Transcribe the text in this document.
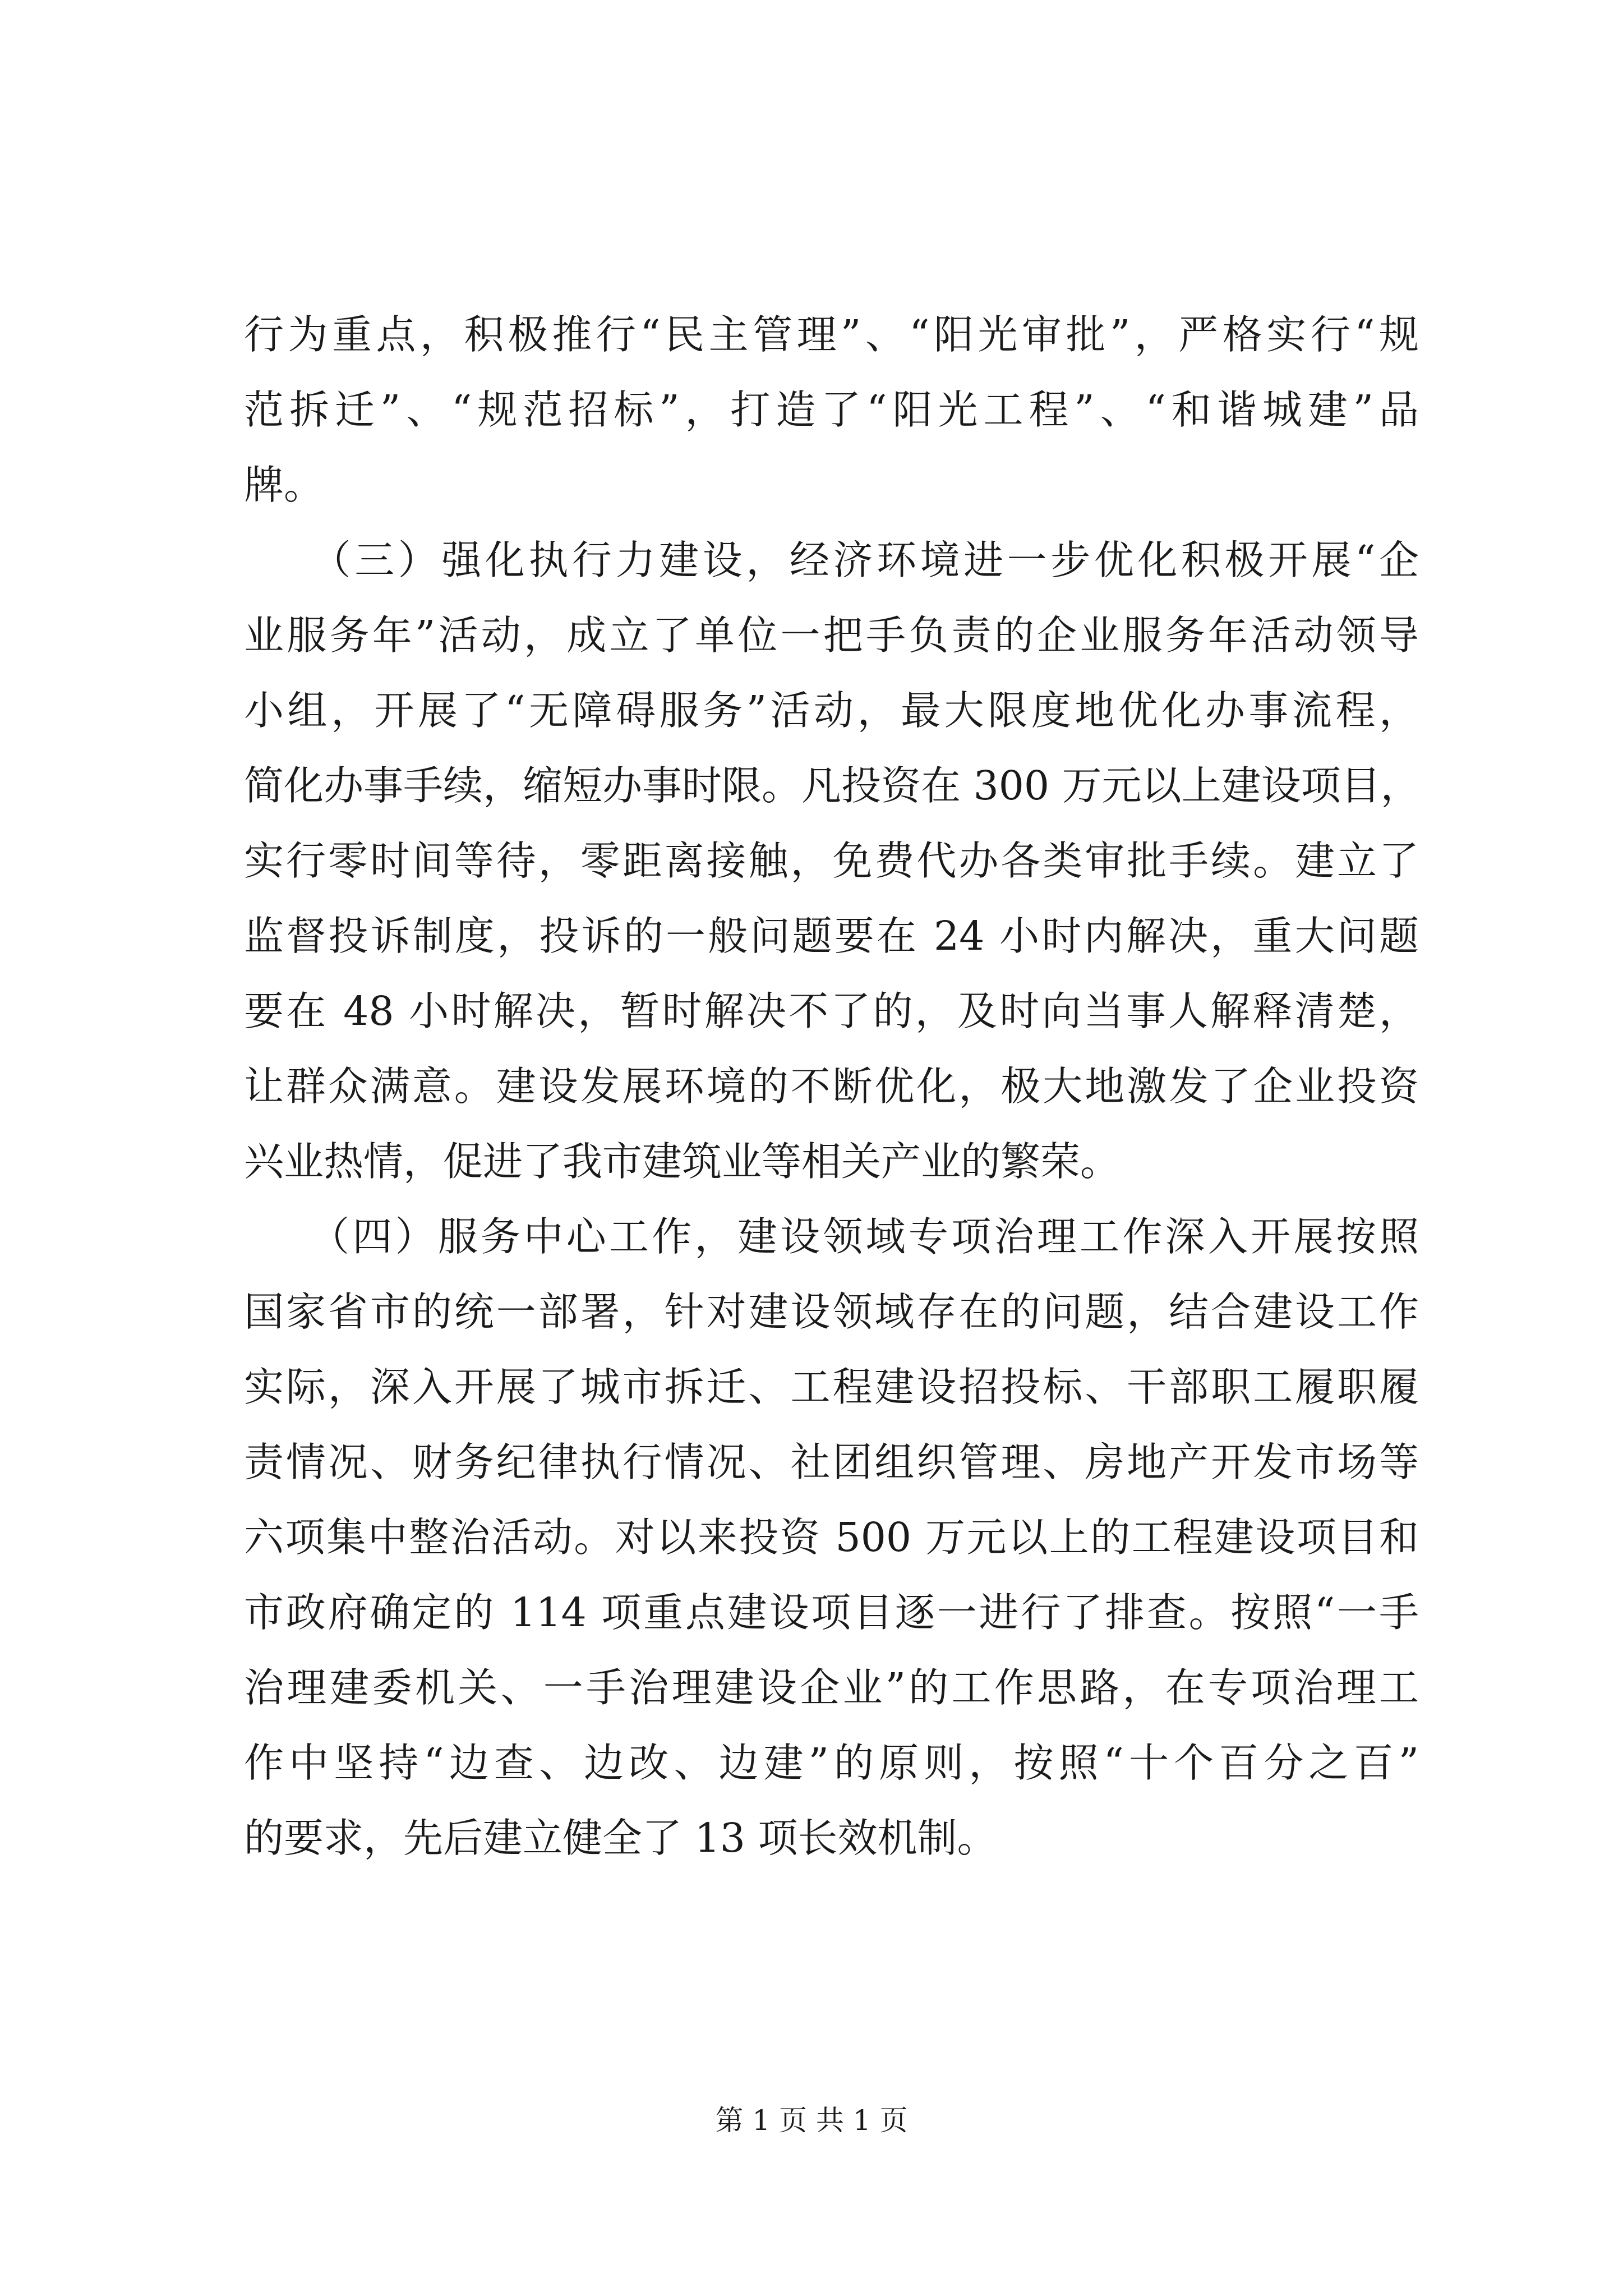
行为重点，积极推行“民主管理”、“阳光审批”，严格实行“规
范拆迁”、“规范招标”，打造了“阳光工程”、“和谐城建”品
牌。
　　（三）强化执行力建设，经济环境进一步优化积极开展“企
业服务年”活动，成立了单位一把手负责的企业服务年活动领导
小组，开展了“无障碍服务”活动，最大限度地优化办事流程，
简化办事手续，缩短办事时限。凡投资在 300 万元以上建设项目，
实行零时间等待，零距离接触，免费代办各类审批手续。建立了
监督投诉制度，投诉的一般问题要在 24 小时内解决，重大问题
要在 48 小时解决，暂时解决不了的，及时向当事人解释清楚，
让群众满意。建设发展环境的不断优化，极大地激发了企业投资
兴业热情，促进了我市建筑业等相关产业的繁荣。
　　（四）服务中心工作，建设领域专项治理工作深入开展按照
国家省市的统一部署，针对建设领域存在的问题，结合建设工作
实际，深入开展了城市拆迁、工程建设招投标、干部职工履职履
责情况、财务纪律执行情况、社团组织管理、房地产开发市场等
六项集中整治活动。对以来投资 500 万元以上的工程建设项目和
市政府确定的 114 项重点建设项目逐一进行了排查。按照“一手
治理建委机关、一手治理建设企业”的工作思路，在专项治理工
作中坚持“边查、边改、边建”的原则，按照“十个百分之百”
的要求，先后建立健全了 13 项长效机制。
第 1 页 共 1 页
